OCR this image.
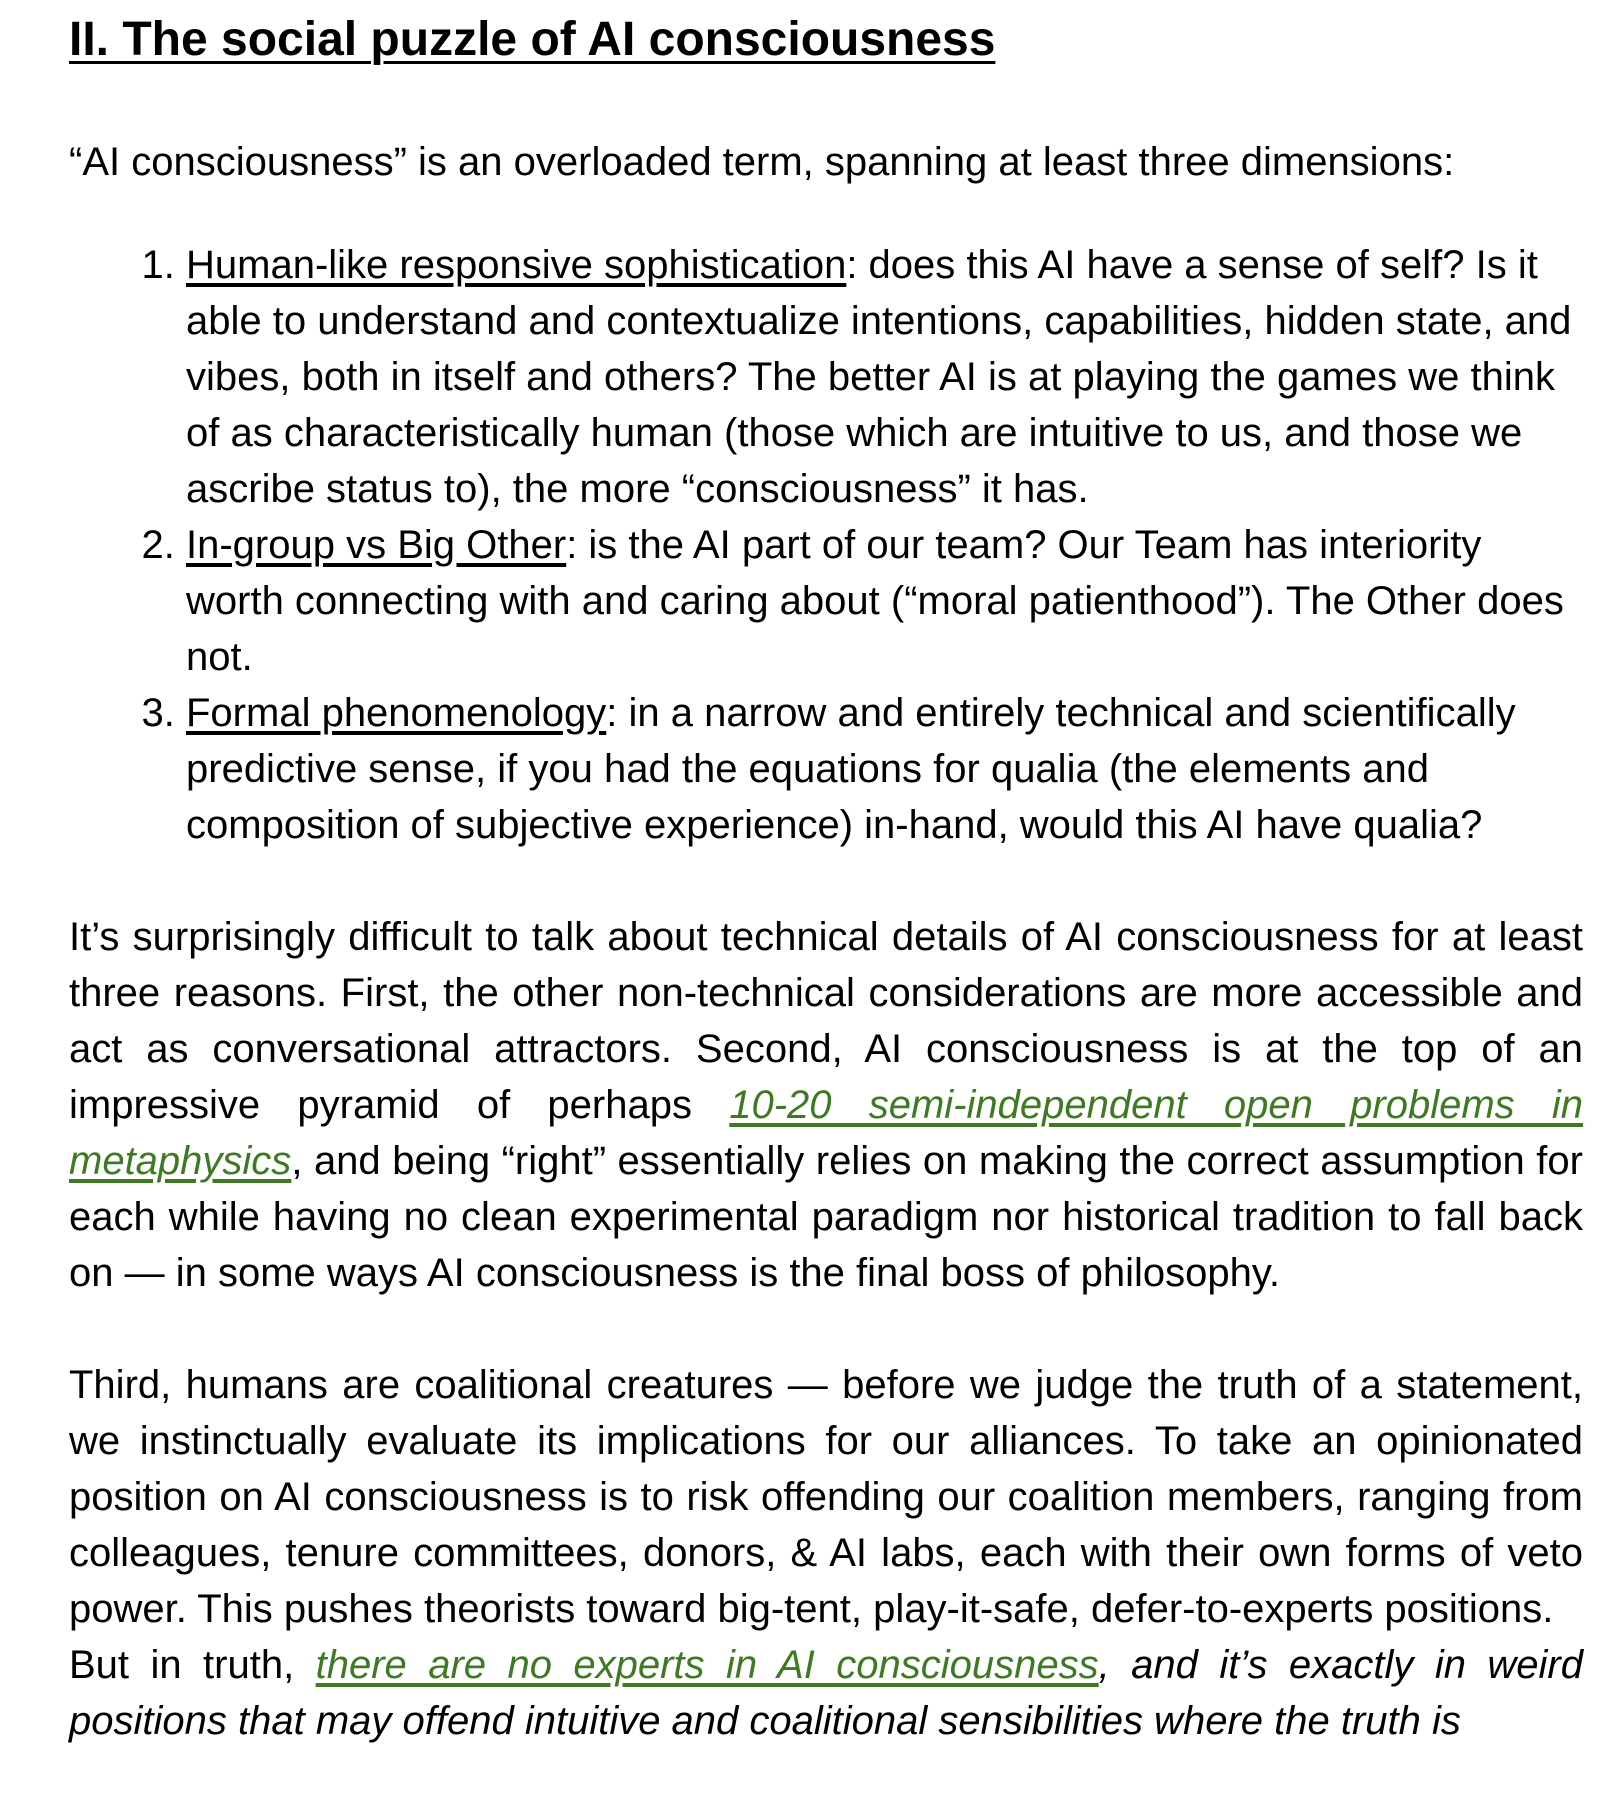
II. The social puzzle of AI consciousness

“AI consciousness” is an overloaded term, spanning at least three dimensions:

1. Human-like responsive sophistication: does this AI have a sense of self? Is it able to understand and contextualize intentions, capabilities, hidden state, and vibes, both in itself and others? The better AI is at playing the games we think of as characteristically human (those which are intuitive to us, and those we ascribe status to), the more “consciousness” it has.
2. In-group vs Big Other: is the AI part of our team? Our Team has interiority worth connecting with and caring about (“moral patienthood”). The Other does not.
3. Formal phenomenology: in a narrow and entirely technical and scientifically predictive sense, if you had the equations for qualia (the elements and composition of subjective experience) in-hand, would this AI have qualia?

It’s surprisingly difficult to talk about technical details of AI consciousness for at least three reasons. First, the other non-technical considerations are more accessible and act as conversational attractors. Second, AI consciousness is at the top of an impressive pyramid of perhaps 10-20 semi-independent open problems in metaphysics, and being “right” essentially relies on making the correct assumption for each while having no clean experimental paradigm nor historical tradition to fall back on — in some ways AI consciousness is the final boss of philosophy.

Third, humans are coalitional creatures — before we judge the truth of a statement, we instinctually evaluate its implications for our alliances. To take an opinionated position on AI consciousness is to risk offending our coalition members, ranging from colleagues, tenure committees, donors, & AI labs, each with their own forms of veto power. This pushes theorists toward big-tent, play-it-safe, defer-to-experts positions.

But in truth, there are no experts in AI consciousness, and it’s exactly in weird positions that may offend intuitive and coalitional sensibilities where the truth is
